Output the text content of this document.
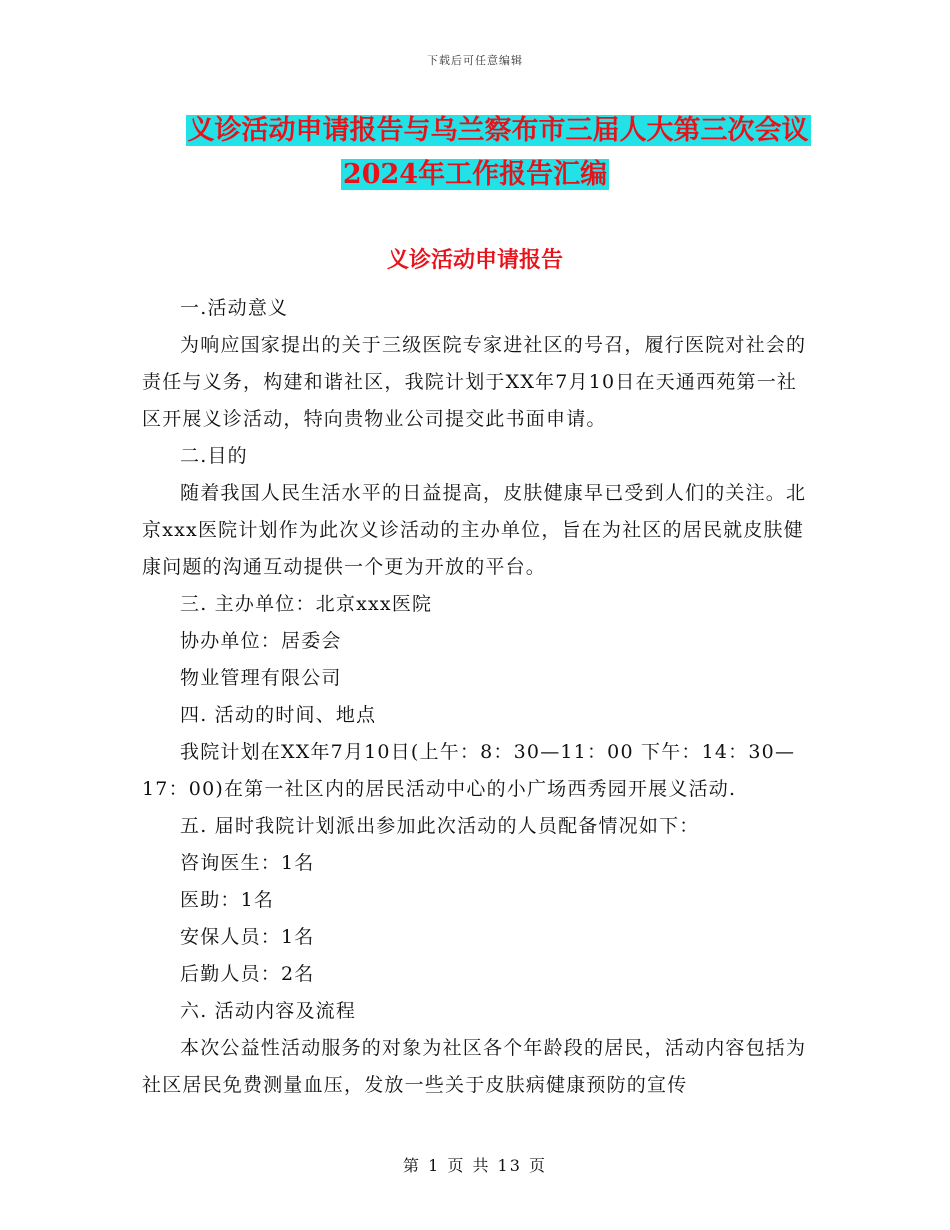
下载后可任意编辑
义诊活动申请报告与乌兰察布市三届人大第三次会议
2024年工作报告汇编
义诊活动申请报告

一.活动意义

为响应国家提出的关于三级医院专家进社区的号召，履行医院对社会的责任与义务，构建和谐社区，我院计划于XX年7月10日在天通西苑第一社区开展义诊活动，特向贵物业公司提交此书面申请。

二.目的

随着我国人民生活水平的日益提高，皮肤健康早已受到人们的关注。北京xxx医院计划作为此次义诊活动的主办单位，旨在为社区的居民就皮肤健康问题的沟通互动提供一个更为开放的平台。

三. 主办单位：北京xxx医院

协办单位：居委会

物业管理有限公司

四. 活动的时间、地点

我院计划在XX年7月10日(上午：8：30—11：00 下午：14：30—17：00)在第一社区内的居民活动中心的小广场西秀园开展义活动.

五. 届时我院计划派出参加此次活动的人员配备情况如下：

咨询医生：1名

医助：1名

安保人员：1名

后勤人员：2名

六. 活动内容及流程

本次公益性活动服务的对象为社区各个年龄段的居民，活动内容包括为社区居民免费测量血压，发放一些关于皮肤病健康预防的宣传

第 1 页 共 13 页
